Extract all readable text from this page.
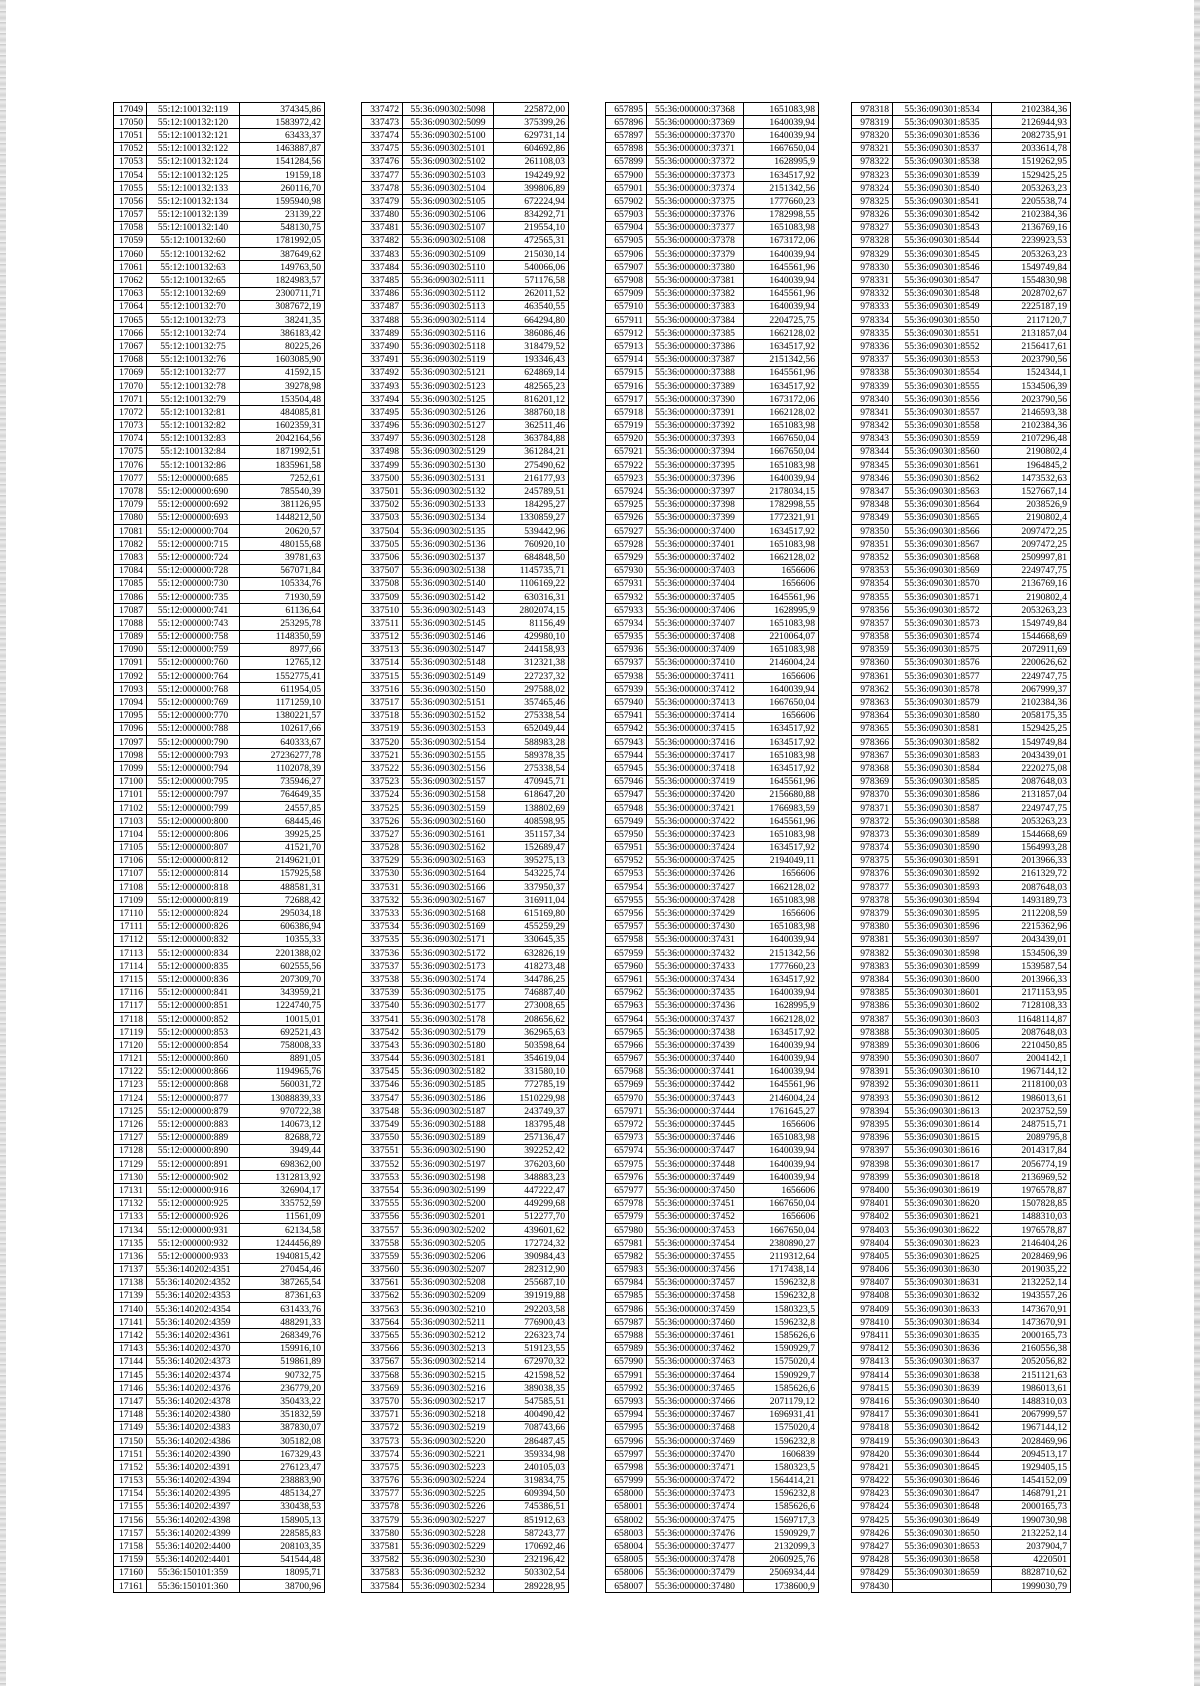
17049	55:12:100132:119	374345,86
17050	55:12:100132:120	1583972,42
17051	55:12:100132:121	63433,37
17052	55:12:100132:122	1463887,87
17053	55:12:100132:124	1541284,56
17054	55:12:100132:125	19159,18
17055	55:12:100132:133	260116,70
17056	55:12:100132:134	1595940,98
17057	55:12:100132:139	23139,22
17058	55:12:100132:140	548130,75
17059	55:12:100132:60	1781992,05
17060	55:12:100132:62	387649,62
17061	55:12:100132:63	149763,50
17062	55:12:100132:65	1824983,57
17063	55:12:100132:69	2300711,71
17064	55:12:100132:70	3087672,19
17065	55:12:100132:73	38241,35
17066	55:12:100132:74	386183,42
17067	55:12:100132:75	80225,26
17068	55:12:100132:76	1603085,90
17069	55:12:100132:77	41592,15
17070	55:12:100132:78	39278,98
17071	55:12:100132:79	153504,48
17072	55:12:100132:81	484085,81
17073	55:12:100132:82	1602359,31
17074	55:12:100132:83	2042164,56
17075	55:12:100132:84	1871992,51
17076	55:12:100132:86	1835961,58
17077	55:12:000000:685	7252,61
17078	55:12:000000:690	785540,39
17079	55:12:000000:692	381126,95
17080	55:12:000000:693	1448212,50
17081	55:12:000000:704	20620,57
17082	55:12:000000:715	480155,68
17083	55:12:000000:724	39781,63
17084	55:12:000000:728	567071,84
17085	55:12:000000:730	105334,76
17086	55:12:000000:735	71930,59
17087	55:12:000000:741	61136,64
17088	55:12:000000:743	253295,78
17089	55:12:000000:758	1148350,59
17090	55:12:000000:759	8977,66
17091	55:12:000000:760	12765,12
17092	55:12:000000:764	1552775,41
17093	55:12:000000:768	611954,05
17094	55:12:000000:769	1171259,10
17095	55:12:000000:770	1380221,57
17096	55:12:000000:788	102617,66
17097	55:12:000000:790	640333,67
17098	55:12:000000:793	27236277,78
17099	55:12:000000:794	1102078,39
17100	55:12:000000:795	735946,27
17101	55:12:000000:797	764649,35
17102	55:12:000000:799	24557,85
17103	55:12:000000:800	68445,46
17104	55:12:000000:806	39925,25
17105	55:12:000000:807	41521,70
17106	55:12:000000:812	2149621,01
17107	55:12:000000:814	157925,58
17108	55:12:000000:818	488581,31
17109	55:12:000000:819	72688,42
17110	55:12:000000:824	295034,18
17111	55:12:000000:826	606386,94
17112	55:12:000000:832	10355,33
17113	55:12:000000:834	2201388,02
17114	55:12:000000:835	602555,56
17115	55:12:000000:836	207309,70
17116	55:12:000000:841	343959,21
17117	55:12:000000:851	1224740,75
17118	55:12:000000:852	10015,01
17119	55:12:000000:853	692521,43
17120	55:12:000000:854	758008,33
17121	55:12:000000:860	8891,05
17122	55:12:000000:866	1194965,76
17123	55:12:000000:868	560031,72
17124	55:12:000000:877	13088839,33
17125	55:12:000000:879	970722,38
17126	55:12:000000:883	140673,12
17127	55:12:000000:889	82688,72
17128	55:12:000000:890	3949,44
17129	55:12:000000:891	698362,00
17130	55:12:000000:902	1312813,92
17131	55:12:000000:916	326904,17
17132	55:12:000000:925	335752,59
17133	55:12:000000:926	11561,09
17134	55:12:000000:931	62134,58
17135	55:12:000000:932	1244456,89
17136	55:12:000000:933	1940815,42
17137	55:36:140202:4351	270454,46
17138	55:36:140202:4352	387265,54
17139	55:36:140202:4353	87361,63
17140	55:36:140202:4354	631433,76
17141	55:36:140202:4359	488291,33
17142	55:36:140202:4361	268349,76
17143	55:36:140202:4370	159916,10
17144	55:36:140202:4373	519861,89
17145	55:36:140202:4374	90732,75
17146	55:36:140202:4376	236779,20
17147	55:36:140202:4378	350433,22
17148	55:36:140202:4380	351832,59
17149	55:36:140202:4383	387830,07
17150	55:36:140202:4386	305182,08
17151	55:36:140202:4390	167329,43
17152	55:36:140202:4391	276123,47
17153	55:36:140202:4394	238883,90
17154	55:36:140202:4395	485134,27
17155	55:36:140202:4397	330438,53
17156	55:36:140202:4398	158905,13
17157	55:36:140202:4399	228585,83
17158	55:36:140202:4400	208103,35
17159	55:36:140202:4401	541544,48
17160	55:36:150101:359	18095,71
17161	55:36:150101:360	38700,96
337472	55:36:090302:5098	225872,00
337473	55:36:090302:5099	375399,26
337474	55:36:090302:5100	629731,14
337475	55:36:090302:5101	604692,86
337476	55:36:090302:5102	261108,03
337477	55:36:090302:5103	194249,92
337478	55:36:090302:5104	399806,89
337479	55:36:090302:5105	672224,94
337480	55:36:090302:5106	834292,71
337481	55:36:090302:5107	219554,10
337482	55:36:090302:5108	472565,31
337483	55:36:090302:5109	215030,14
337484	55:36:090302:5110	540066,06
337485	55:36:090302:5111	571176,58
337486	55:36:090302:5112	262011,52
337487	55:36:090302:5113	463540,55
337488	55:36:090302:5114	664294,80
337489	55:36:090302:5116	386086,46
337490	55:36:090302:5118	318479,52
337491	55:36:090302:5119	193346,43
337492	55:36:090302:5121	624869,14
337493	55:36:090302:5123	482565,23
337494	55:36:090302:5125	816201,12
337495	55:36:090302:5126	388760,18
337496	55:36:090302:5127	362511,46
337497	55:36:090302:5128	363784,88
337498	55:36:090302:5129	361284,21
337499	55:36:090302:5130	275490,62
337500	55:36:090302:5131	216177,93
337501	55:36:090302:5132	245789,51
337502	55:36:090302:5133	184295,27
337503	55:36:090302:5134	1330859,27
337504	55:36:090302:5135	539442,96
337505	55:36:090302:5136	760920,10
337506	55:36:090302:5137	684848,50
337507	55:36:090302:5138	1145735,71
337508	55:36:090302:5140	1106169,22
337509	55:36:090302:5142	630316,31
337510	55:36:090302:5143	2802074,15
337511	55:36:090302:5145	81156,49
337512	55:36:090302:5146	429980,10
337513	55:36:090302:5147	244158,93
337514	55:36:090302:5148	312321,38
337515	55:36:090302:5149	227237,32
337516	55:36:090302:5150	297588,02
337517	55:36:090302:5151	357465,46
337518	55:36:090302:5152	275338,54
337519	55:36:090302:5153	652049,44
337520	55:36:090302:5154	588983,28
337521	55:36:090302:5155	589378,35
337522	55:36:090302:5156	275338,54
337523	55:36:090302:5157	470945,71
337524	55:36:090302:5158	618647,20
337525	55:36:090302:5159	138802,69
337526	55:36:090302:5160	408598,95
337527	55:36:090302:5161	351157,34
337528	55:36:090302:5162	152689,47
337529	55:36:090302:5163	395275,13
337530	55:36:090302:5164	543225,74
337531	55:36:090302:5166	337950,37
337532	55:36:090302:5167	316911,04
337533	55:36:090302:5168	615169,80
337534	55:36:090302:5169	455259,29
337535	55:36:090302:5171	330645,35
337536	55:36:090302:5172	632826,19
337537	55:36:090302:5173	418273,48
337538	55:36:090302:5174	344786,25
337539	55:36:090302:5175	746887,40
337540	55:36:090302:5177	273008,65
337541	55:36:090302:5178	208656,62
337542	55:36:090302:5179	362965,63
337543	55:36:090302:5180	503598,64
337544	55:36:090302:5181	354619,04
337545	55:36:090302:5182	331580,10
337546	55:36:090302:5185	772785,19
337547	55:36:090302:5186	1510229,98
337548	55:36:090302:5187	243749,37
337549	55:36:090302:5188	183795,48
337550	55:36:090302:5189	257136,47
337551	55:36:090302:5190	392252,42
337552	55:36:090302:5197	376203,60
337553	55:36:090302:5198	348883,23
337554	55:36:090302:5199	447222,47
337555	55:36:090302:5200	449299,68
337556	55:36:090302:5201	512277,70
337557	55:36:090302:5202	439601,62
337558	55:36:090302:5205	172724,32
337559	55:36:090302:5206	390984,43
337560	55:36:090302:5207	282312,90
337561	55:36:090302:5208	255687,10
337562	55:36:090302:5209	391919,88
337563	55:36:090302:5210	292203,58
337564	55:36:090302:5211	776900,43
337565	55:36:090302:5212	226323,74
337566	55:36:090302:5213	519123,55
337567	55:36:090302:5214	672970,32
337568	55:36:090302:5215	421598,52
337569	55:36:090302:5216	389038,35
337570	55:36:090302:5217	547585,51
337571	55:36:090302:5218	400490,42
337572	55:36:090302:5219	708743,66
337573	55:36:090302:5220	286487,45
337574	55:36:090302:5221	359334,98
337575	55:36:090302:5223	240105,03
337576	55:36:090302:5224	319834,75
337577	55:36:090302:5225	609394,50
337578	55:36:090302:5226	745386,51
337579	55:36:090302:5227	851912,63
337580	55:36:090302:5228	587243,77
337581	55:36:090302:5229	170692,46
337582	55:36:090302:5230	232196,42
337583	55:36:090302:5232	503302,54
337584	55:36:090302:5234	289228,95
657895	55:36:000000:37368	1651083,98
657896	55:36:000000:37369	1640039,94
657897	55:36:000000:37370	1640039,94
657898	55:36:000000:37371	1667650,04
657899	55:36:000000:37372	1628995,9
657900	55:36:000000:37373	1634517,92
657901	55:36:000000:37374	2151342,56
657902	55:36:000000:37375	1777660,23
657903	55:36:000000:37376	1782998,55
657904	55:36:000000:37377	1651083,98
657905	55:36:000000:37378	1673172,06
657906	55:36:000000:37379	1640039,94
657907	55:36:000000:37380	1645561,96
657908	55:36:000000:37381	1640039,94
657909	55:36:000000:37382	1645561,96
657910	55:36:000000:37383	1640039,94
657911	55:36:000000:37384	2204725,75
657912	55:36:000000:37385	1662128,02
657913	55:36:000000:37386	1634517,92
657914	55:36:000000:37387	2151342,56
657915	55:36:000000:37388	1645561,96
657916	55:36:000000:37389	1634517,92
657917	55:36:000000:37390	1673172,06
657918	55:36:000000:37391	1662128,02
657919	55:36:000000:37392	1651083,98
657920	55:36:000000:37393	1667650,04
657921	55:36:000000:37394	1667650,04
657922	55:36:000000:37395	1651083,98
657923	55:36:000000:37396	1640039,94
657924	55:36:000000:37397	2178034,15
657925	55:36:000000:37398	1782998,55
657926	55:36:000000:37399	1772321,91
657927	55:36:000000:37400	1634517,92
657928	55:36:000000:37401	1651083,98
657929	55:36:000000:37402	1662128,02
657930	55:36:000000:37403	1656606
657931	55:36:000000:37404	1656606
657932	55:36:000000:37405	1645561,96
657933	55:36:000000:37406	1628995,9
657934	55:36:000000:37407	1651083,98
657935	55:36:000000:37408	2210064,07
657936	55:36:000000:37409	1651083,98
657937	55:36:000000:37410	2146004,24
657938	55:36:000000:37411	1656606
657939	55:36:000000:37412	1640039,94
657940	55:36:000000:37413	1667650,04
657941	55:36:000000:37414	1656606
657942	55:36:000000:37415	1634517,92
657943	55:36:000000:37416	1634517,92
657944	55:36:000000:37417	1651083,98
657945	55:36:000000:37418	1634517,92
657946	55:36:000000:37419	1645561,96
657947	55:36:000000:37420	2156680,88
657948	55:36:000000:37421	1766983,59
657949	55:36:000000:37422	1645561,96
657950	55:36:000000:37423	1651083,98
657951	55:36:000000:37424	1634517,92
657952	55:36:000000:37425	2194049,11
657953	55:36:000000:37426	1656606
657954	55:36:000000:37427	1662128,02
657955	55:36:000000:37428	1651083,98
657956	55:36:000000:37429	1656606
657957	55:36:000000:37430	1651083,98
657958	55:36:000000:37431	1640039,94
657959	55:36:000000:37432	2151342,56
657960	55:36:000000:37433	1777660,23
657961	55:36:000000:37434	1634517,92
657962	55:36:000000:37435	1640039,94
657963	55:36:000000:37436	1628995,9
657964	55:36:000000:37437	1662128,02
657965	55:36:000000:37438	1634517,92
657966	55:36:000000:37439	1640039,94
657967	55:36:000000:37440	1640039,94
657968	55:36:000000:37441	1640039,94
657969	55:36:000000:37442	1645561,96
657970	55:36:000000:37443	2146004,24
657971	55:36:000000:37444	1761645,27
657972	55:36:000000:37445	1656606
657973	55:36:000000:37446	1651083,98
657974	55:36:000000:37447	1640039,94
657975	55:36:000000:37448	1640039,94
657976	55:36:000000:37449	1640039,94
657977	55:36:000000:37450	1656606
657978	55:36:000000:37451	1667650,04
657979	55:36:000000:37452	1656606
657980	55:36:000000:37453	1667650,04
657981	55:36:000000:37454	2380890,27
657982	55:36:000000:37455	2119312,64
657983	55:36:000000:37456	1717438,14
657984	55:36:000000:37457	1596232,8
657985	55:36:000000:37458	1596232,8
657986	55:36:000000:37459	1580323,5
657987	55:36:000000:37460	1596232,8
657988	55:36:000000:37461	1585626,6
657989	55:36:000000:37462	1590929,7
657990	55:36:000000:37463	1575020,4
657991	55:36:000000:37464	1590929,7
657992	55:36:000000:37465	1585626,6
657993	55:36:000000:37466	2071179,12
657994	55:36:000000:37467	1696931,41
657995	55:36:000000:37468	1575020,4
657996	55:36:000000:37469	1596232,8
657997	55:36:000000:37470	1606839
657998	55:36:000000:37471	1580323,5
657999	55:36:000000:37472	1564414,21
658000	55:36:000000:37473	1596232,8
658001	55:36:000000:37474	1585626,6
658002	55:36:000000:37475	1569717,3
658003	55:36:000000:37476	1590929,7
658004	55:36:000000:37477	2132099,3
658005	55:36:000000:37478	2060925,76
658006	55:36:000000:37479	2506934,44
658007	55:36:000000:37480	1738600,9
978318	55:36:090301:8534	2102384,36
978319	55:36:090301:8535	2126944,93
978320	55:36:090301:8536	2082735,91
978321	55:36:090301:8537	2033614,78
978322	55:36:090301:8538	1519262,95
978323	55:36:090301:8539	1529425,25
978324	55:36:090301:8540	2053263,23
978325	55:36:090301:8541	2205538,74
978326	55:36:090301:8542	2102384,36
978327	55:36:090301:8543	2136769,16
978328	55:36:090301:8544	2239923,53
978329	55:36:090301:8545	2053263,23
978330	55:36:090301:8546	1549749,84
978331	55:36:090301:8547	1554830,98
978332	55:36:090301:8548	2028702,67
978333	55:36:090301:8549	2225187,19
978334	55:36:090301:8550	2117120,7
978335	55:36:090301:8551	2131857,04
978336	55:36:090301:8552	2156417,61
978337	55:36:090301:8553	2023790,56
978338	55:36:090301:8554	1524344,1
978339	55:36:090301:8555	1534506,39
978340	55:36:090301:8556	2023790,56
978341	55:36:090301:8557	2146593,38
978342	55:36:090301:8558	2102384,36
978343	55:36:090301:8559	2107296,48
978344	55:36:090301:8560	2190802,4
978345	55:36:090301:8561	1964845,2
978346	55:36:090301:8562	1473532,63
978347	55:36:090301:8563	1527667,14
978348	55:36:090301:8564	2038526,9
978349	55:36:090301:8565	2190802,4
978350	55:36:090301:8566	2097472,25
978351	55:36:090301:8567	2097472,25
978352	55:36:090301:8568	2509997,81
978353	55:36:090301:8569	2249747,75
978354	55:36:090301:8570	2136769,16
978355	55:36:090301:8571	2190802,4
978356	55:36:090301:8572	2053263,23
978357	55:36:090301:8573	1549749,84
978358	55:36:090301:8574	1544668,69
978359	55:36:090301:8575	2072911,69
978360	55:36:090301:8576	2200626,62
978361	55:36:090301:8577	2249747,75
978362	55:36:090301:8578	2067999,37
978363	55:36:090301:8579	2102384,36
978364	55:36:090301:8580	2058175,35
978365	55:36:090301:8581	1529425,25
978366	55:36:090301:8582	1549749,84
978367	55:36:090301:8583	2043439,01
978368	55:36:090301:8584	2220275,08
978369	55:36:090301:8585	2087648,03
978370	55:36:090301:8586	2131857,04
978371	55:36:090301:8587	2249747,75
978372	55:36:090301:8588	2053263,23
978373	55:36:090301:8589	1544668,69
978374	55:36:090301:8590	1564993,28
978375	55:36:090301:8591	2013966,33
978376	55:36:090301:8592	2161329,72
978377	55:36:090301:8593	2087648,03
978378	55:36:090301:8594	1493189,73
978379	55:36:090301:8595	2112208,59
978380	55:36:090301:8596	2215362,96
978381	55:36:090301:8597	2043439,01
978382	55:36:090301:8598	1534506,39
978383	55:36:090301:8599	1539587,54
978384	55:36:090301:8600	2013966,33
978385	55:36:090301:8601	2171153,95
978386	55:36:090301:8602	7128108,33
978387	55:36:090301:8603	11648114,87
978388	55:36:090301:8605	2087648,03
978389	55:36:090301:8606	2210450,85
978390	55:36:090301:8607	2004142,1
978391	55:36:090301:8610	1967144,12
978392	55:36:090301:8611	2118100,03
978393	55:36:090301:8612	1986013,61
978394	55:36:090301:8613	2023752,59
978395	55:36:090301:8614	2487515,71
978396	55:36:090301:8615	2089795,8
978397	55:36:090301:8616	2014317,84
978398	55:36:090301:8617	2056774,19
978399	55:36:090301:8618	2136969,52
978400	55:36:090301:8619	1976578,87
978401	55:36:090301:8620	1507828,85
978402	55:36:090301:8621	1488310,03
978403	55:36:090301:8622	1976578,87
978404	55:36:090301:8623	2146404,26
978405	55:36:090301:8625	2028469,96
978406	55:36:090301:8630	2019035,22
978407	55:36:090301:8631	2132252,14
978408	55:36:090301:8632	1943557,26
978409	55:36:090301:8633	1473670,91
978410	55:36:090301:8634	1473670,91
978411	55:36:090301:8635	2000165,73
978412	55:36:090301:8636	2160556,38
978413	55:36:090301:8637	2052056,82
978414	55:36:090301:8638	2151121,63
978415	55:36:090301:8639	1986013,61
978416	55:36:090301:8640	1488310,03
978417	55:36:090301:8641	2067999,57
978418	55:36:090301:8642	1967144,12
978419	55:36:090301:8643	2028469,96
978420	55:36:090301:8644	2094513,17
978421	55:36:090301:8645	1929405,15
978422	55:36:090301:8646	1454152,09
978423	55:36:090301:8647	1468791,21
978424	55:36:090301:8648	2000165,73
978425	55:36:090301:8649	1990730,98
978426	55:36:090301:8650	2132252,14
978427	55:36:090301:8653	2037904,7
978428	55:36:090301:8658	4220501
978429	55:36:090301:8659	8828710,62
978430		1999030,79
